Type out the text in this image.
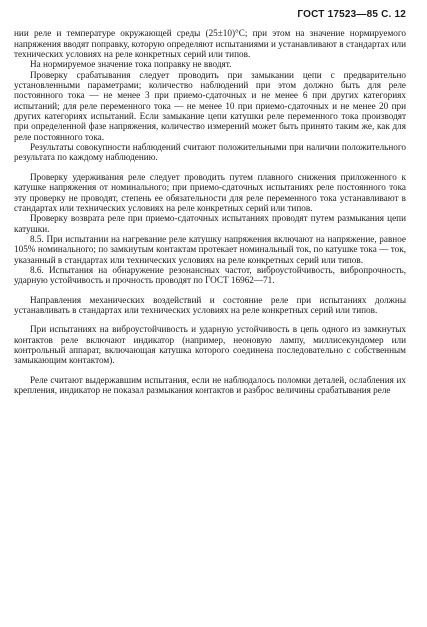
ГОСТ 17523—85 С. 12

нии реле и температуре окружающей среды (25±10)°С; при этом на значение нормируемого напряжения вводят поправку, которую определяют испытаниями и устанавливают в стандартах или технических условиях на реле конкретных серий или типов.

На нормируемое значение тока поправку не вводят.

Проверку срабатывания следует проводить при замыкании цепи с предварительно установленными параметрами; количество наблюдений при этом должно быть для реле постоянного тока — не менее 3 при приемо-сдаточных и не менее 6 при других категориях испытаний; для реле переменного тока — не менее 10 при приемо-сдаточных и не менее 20 при других категориях испытаний. Если замыкание цепи катушки реле переменного тока производят при определенной фазе напряжения, количество измерений может быть принято таким же, как для реле постоянного тока.

Результаты совокупности наблюдений считают положительными при наличии положительного результата по каждому наблюдению.

Проверку удерживания реле следует проводить путем плавного снижения приложенного к катушке напряжения от номинального; при приемо-сдаточных испытаниях реле постоянного тока эту проверку не проводят, степень ее обязательности для реле переменного тока устанавливают в стандартах или технических условиях на реле конкретных серий или типов.

Проверку возврата реле при приемо-сдаточных испытаниях проводят путем размыкания цепи катушки.

8.5. При испытании на нагревание реле катушку напряжения включают на напряжение, равное 105% номинального; по замкнутым контактам протекает номинальный ток, по катушке тока — ток, указанный в стандартах или технических условиях на реле конкретных серий или типов.

8.6. Испытания на обнаружение резонансных частот, виброустойчивость, вибропрочность, ударную устойчивость и прочность проводят по ГОСТ 16962—71.

Направления механических воздействий и состояние реле при испытаниях должны устанавливать в стандартах или технических условиях на реле конкретных серий или типов.

При испытаниях на виброустойчивость и ударную устойчивость в цепь одного из замкнутых контактов реле включают индикатор (например, неоновую лампу, миллисекундомер или контрольный аппарат, включающая катушка которого соединена последовательно с собственным замыкающим контактом).

Реле считают выдержавшим испытания, если не наблюдалось поломки деталей, ослабления их крепления, индикатор не показал размыкания контактов и разброс величины срабатывания реле
